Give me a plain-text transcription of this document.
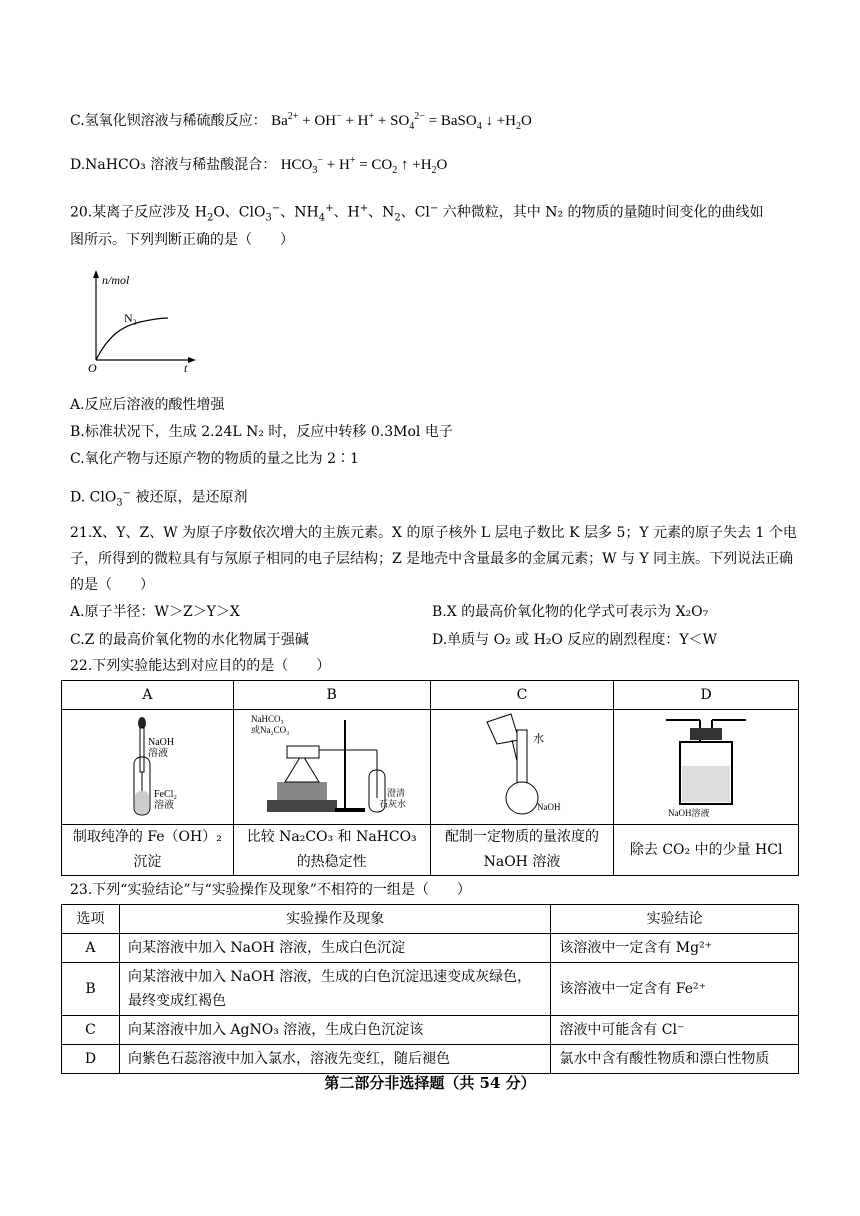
C.氢氧化钡溶液与稀硫酸反应： $Ba^{2+} + OH^- + H^+ + SO_4^{2-}$ = BaSO$_4$ ↓ $+H_2O$
D.NaHCO₃ 溶液与稀盐酸混合： $HCO_3^- + H^+ = CO_2$ ↑ $+H_2O$
20.某离子反应涉及 $H_2O$、ClO$_3$−、$NH_4^+$、H+、$N_2$、Cl− 六种微粒，其中 N₂ 的物质的量随时间变化的曲线如
图所示。下列判断正确的是（　　）
n/mol
N₂
O	t
A.反应后溶液的酸性增强
B.标准状况下，生成 2.24L N₂ 时，反应中转移 0.3Mol 电子
C.氧化产物与还原产物的物质的量之比为 2∶1
D. ClO$_3$− 被还原，是还原剂
21.X、Y、Z、W 为原子序数依次增大的主族元素。X 的原子核外 L 层电子数比 K 层多 5；Y 元素的原子失去 1 个电子，所得到的微粒具有与氖原子相同的电子层结构；Z 是地壳中含量最多的金属元素；W 与 Y 同主族。下列说法正确的是（　　）
A.原子半径：W＞Z＞Y＞X	B.X 的最高价氧化物的化学式可表示为 X₂O₇
C.Z 的最高价氧化物的水化物属于强碱	D.单质与 O₂ 或 H₂O 反应的剧烈程度：Y＜W
22.下列实验能达到对应目的的是（　　）
A	B	C	D

NaOH
溶液
FeCl₂
溶液	NaHCO₃
或Na₂CO₃
澄清
石灰水	水
NaOH	NaOH溶液

制取纯净的 Fe（OH）₂ 沉淀	比较 Na₂CO₃ 和 NaHCO₃ 的热稳定性	配制一定物质的量浓度的 NaOH 溶液	除去 CO₂ 中的少量 HCl
23.下列“实验结论”与“实验操作及现象”不相符的一组是（　　）
选项	实验操作及现象	实验结论
A	向某溶液中加入 NaOH 溶液，生成白色沉淀	该溶液中一定含有 Mg²⁺
B	向某溶液中加入 NaOH 溶液，生成的白色沉淀迅速变成灰绿色，最终变成红褐色	该溶液中一定含有 Fe²⁺
C	向某溶液中加入 AgNO₃ 溶液，生成白色沉淀该	溶液中可能含有 Cl⁻
D	向紫色石蕊溶液中加入氯水，溶液先变红，随后褪色	氯水中含有酸性物质和漂白性物质
第二部分非选择题（共 54 分）
